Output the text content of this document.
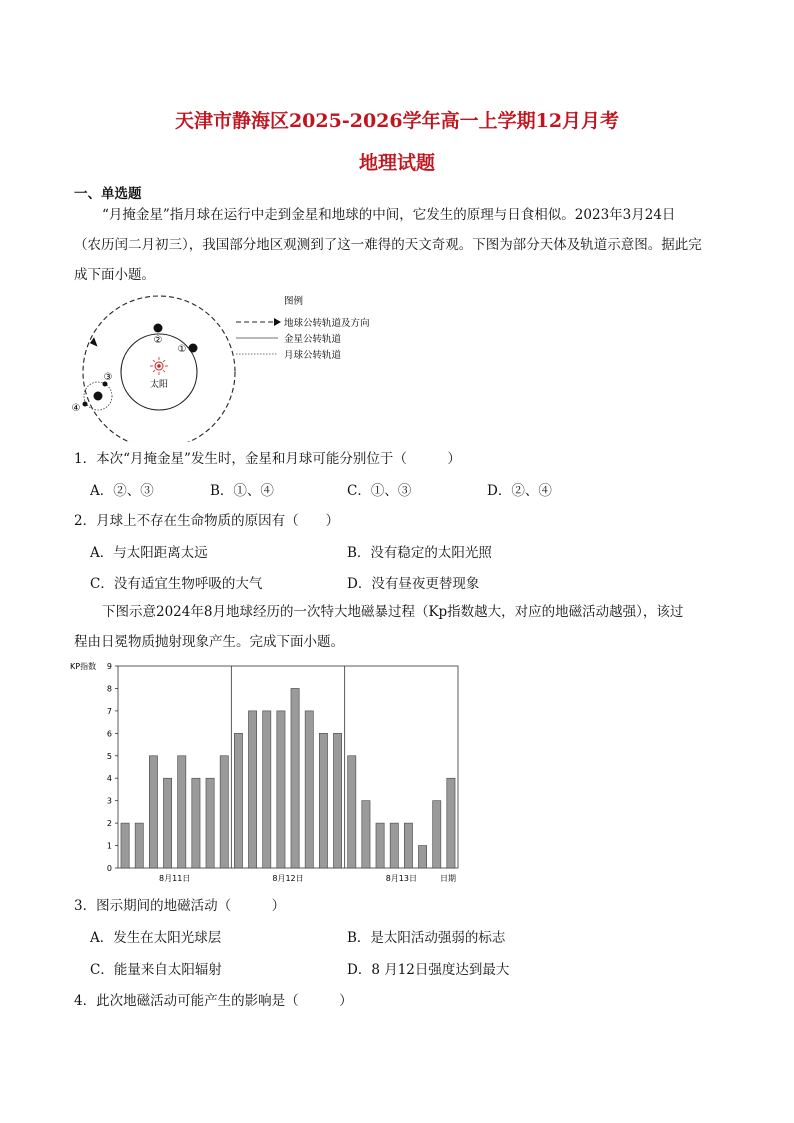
天津市静海区2025-2026学年高一上学期12月月考
地理试题
一、单选题
“月掩金星”指月球在运行中走到金星和地球的中间，它发生的原理与日食相似。2023年3月24日
（农历闰二月初三），我国部分地区观测到了这一难得的天文奇观。下图为部分天体及轨道示意图。据此完
成下面小题。
太阳
②
①
③
④
图例
地球公转轨道及方向
金星公转轨道
月球公转轨道
1．本次“月掩金星”发生时，金星和月球可能分别位于（　　　）
A．②、③	B．①、④	C．①、③	D．②、④
2．月球上不存在生命物质的原因有（　　）
A．与太阳距离太远	B．没有稳定的太阳光照
C．没有适宜生物呼吸的大气	D．没有昼夜更替现象
下图示意2024年8月地球经历的一次特大地磁暴过程（Kp指数越大，对应的地磁活动越强），该过
程由日冕物质抛射现象产生。完成下面小题。
0
1
2
3
4
5
6
7
8
9
KP指数
8月11日	8月12日	8月13日	日期
3．图示期间的地磁活动（　　　）
A．发生在太阳光球层	B．是太阳活动强弱的标志
C．能量来自太阳辐射	D．8 月12日强度达到最大
4．此次地磁活动可能产生的影响是（　　　）
